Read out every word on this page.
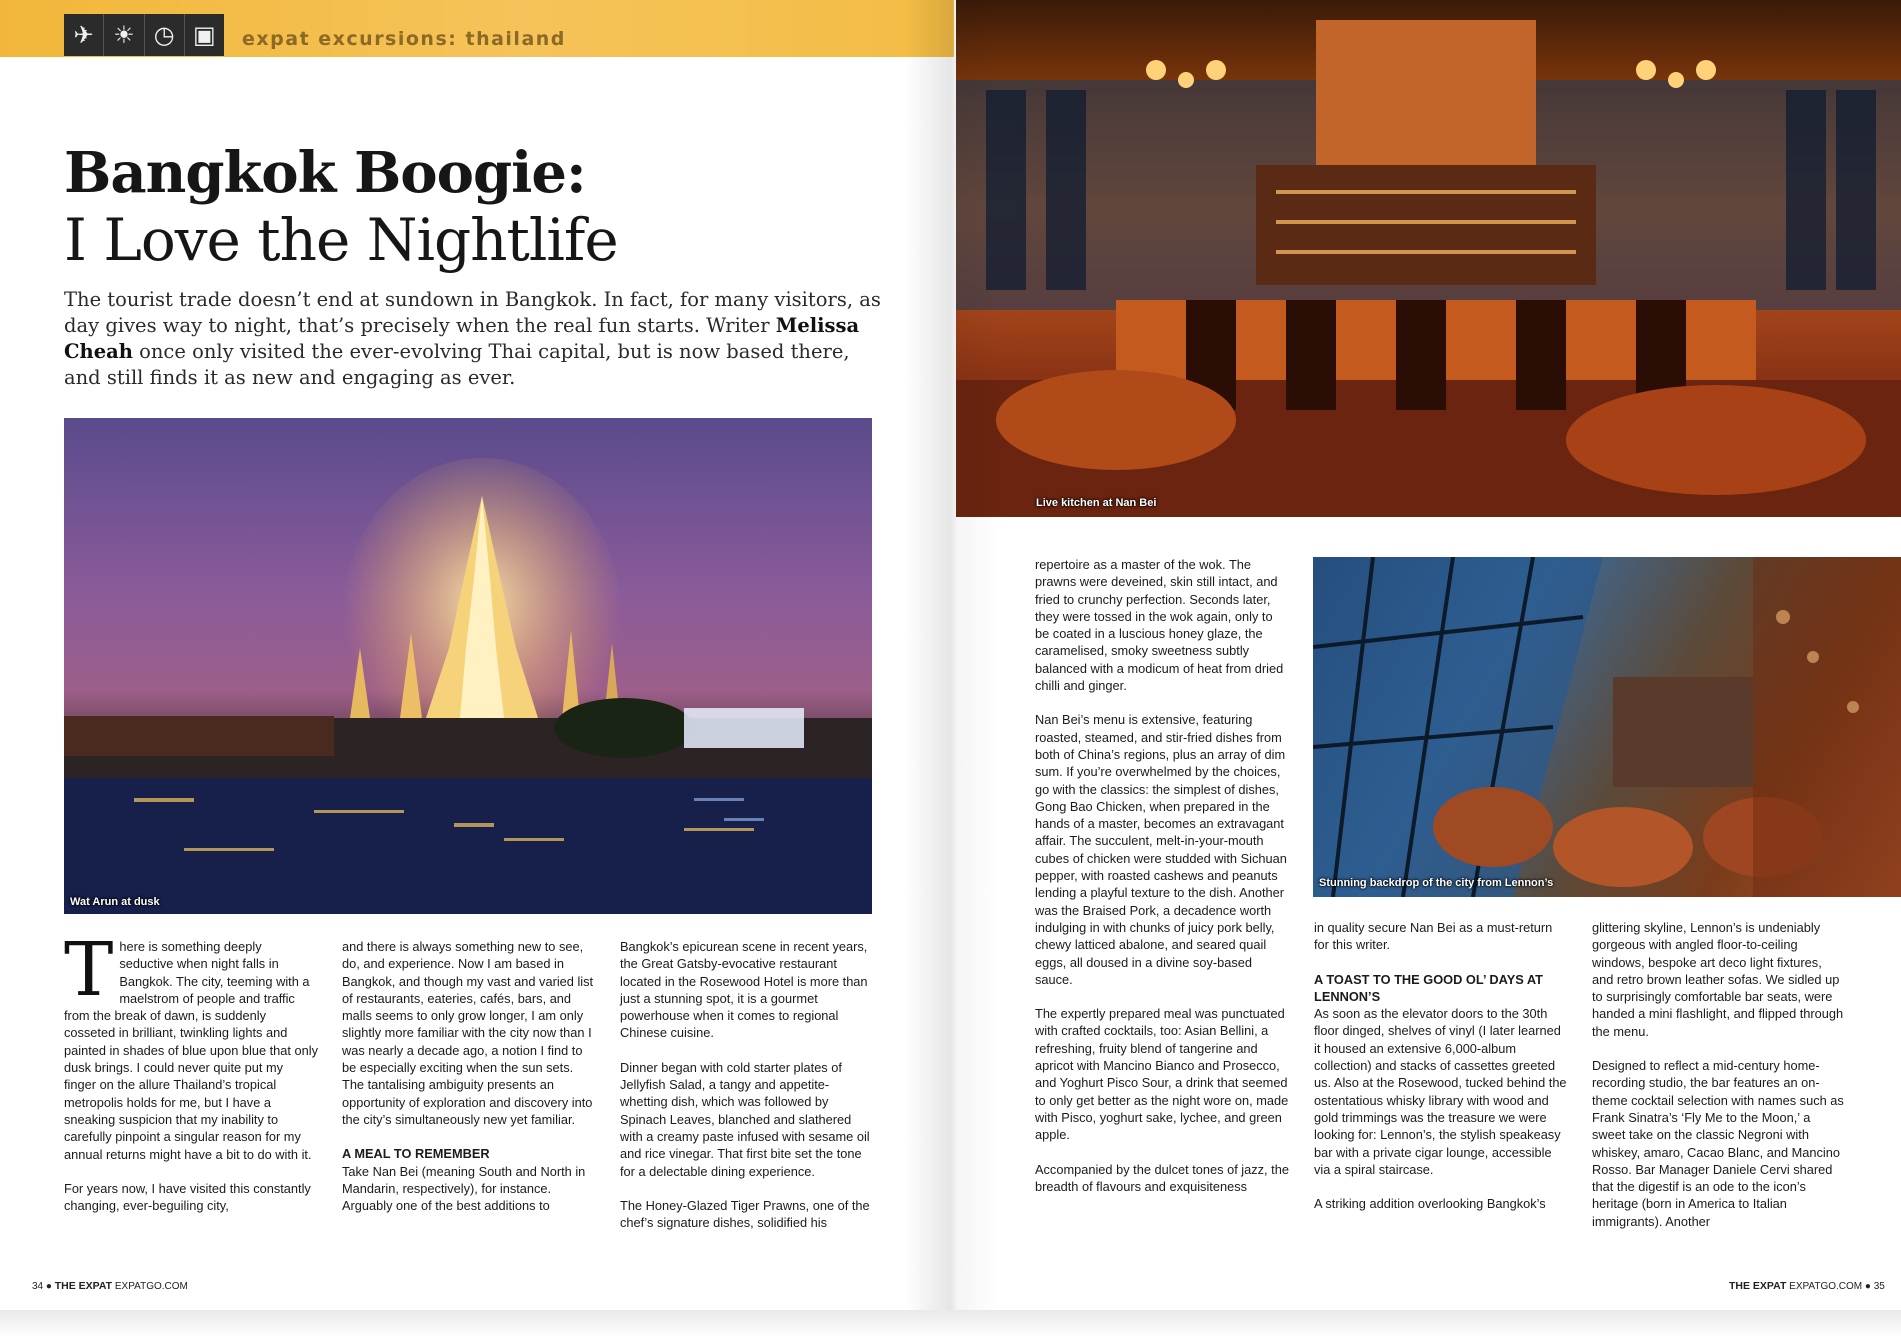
✈ ☀ ◷ ▣	expat excursions: thailand
Bangkok Boogie:
I Love the Nightlife
The tourist trade doesn’t end at sundown in Bangkok. In fact, for many visitors, as day gives way to night, that’s precisely when the real fun starts. Writer Melissa Cheah once only visited the ever-evolving Thai capital, but is now based there, and still finds it as new and engaging as ever.
Wat Arun at dusk

There is something deeply seductive when night falls in Bangkok. The city, teeming with a maelstrom of people and traffic from the break of dawn, is suddenly cosseted in brilliant, twinkling lights and painted in shades of blue upon blue that only dusk brings. I could never quite put my finger on the allure Thailand’s tropical metropolis holds for me, but I have a sneaking suspicion that my inability to carefully pinpoint a singular reason for my annual returns might have a bit to do with it.

For years now, I have visited this constantly changing, ever-beguiling city,

and there is always something new to see, do, and experience. Now I am based in Bangkok, and though my vast and varied list of restaurants, eateries, cafés, bars, and malls seems to only grow longer, I am only slightly more familiar with the city now than I was nearly a decade ago, a notion I find to be especially exciting when the sun sets. The tantalising ambiguity presents an opportunity of exploration and discovery into the city’s simultaneously new yet familiar.

A MEAL TO REMEMBER

Take Nan Bei (meaning South and North in Mandarin, respectively), for instance. Arguably one of the best additions to

Bangkok’s epicurean scene in recent years, the Great Gatsby-evocative restaurant located in the Rosewood Hotel is more than just a stunning spot, it is a gourmet powerhouse when it comes to regional Chinese cuisine.

Dinner began with cold starter plates of Jellyfish Salad, a tangy and appetite-whetting dish, which was followed by Spinach Leaves, blanched and slathered with a creamy paste infused with sesame oil and rice vinegar. That first bite set the tone for a delectable dining experience.

The Honey-Glazed Tiger Prawns, one of the chef’s signature dishes, solidified his

34 ● THE EXPAT EXPATGO.COM

repertoire as a master of the wok. The prawns were deveined, skin still intact, and fried to crunchy perfection. Seconds later, they were tossed in the wok again, only to be coated in a luscious honey glaze, the caramelised, smoky sweetness subtly balanced with a modicum of heat from dried chilli and ginger.

Nan Bei’s menu is extensive, featuring roasted, steamed, and stir-fried dishes from both of China’s regions, plus an array of dim sum. If you’re overwhelmed by the choices, go with the classics: the simplest of dishes, Gong Bao Chicken, when prepared in the hands of a master, becomes an extravagant affair. The succulent, melt-in-your-mouth cubes of chicken were studded with Sichuan pepper, with roasted cashews and peanuts lending a playful texture to the dish. Another was the Braised Pork, a decadence worth indulging in with chunks of juicy pork belly, chewy latticed abalone, and seared quail eggs, all doused in a divine soy-based sauce.

The expertly prepared meal was punctuated with crafted cocktails, too: Asian Bellini, a refreshing, fruity blend of tangerine and apricot with Mancino Bianco and Prosecco, and Yoghurt Pisco Sour, a drink that seemed to only get better as the night wore on, made with Pisco, yoghurt sake, lychee, and green apple.

Accompanied by the dulcet tones of jazz, the breadth of flavours and exquisiteness

in quality secure Nan Bei as a must-return for this writer.

A TOAST TO THE GOOD OL’ DAYS AT LENNON’S

As soon as the elevator doors to the 30th floor dinged, shelves of vinyl (I later learned it housed an extensive 6,000-album collection) and stacks of cassettes greeted us. Also at the Rosewood, tucked behind the ostentatious whisky library with wood and gold trimmings was the treasure we were looking for: Lennon’s, the stylish speakeasy bar with a private cigar lounge, accessible via a spiral staircase.

A striking addition overlooking Bangkok’s

glittering skyline, Lennon’s is undeniably gorgeous with angled floor-to-ceiling windows, bespoke art deco light fixtures, and retro brown leather sofas. We sidled up to surprisingly comfortable bar seats, were handed a mini flashlight, and flipped through the menu.

Designed to reflect a mid-century home-recording studio, the bar features an on-theme cocktail selection with names such as Frank Sinatra’s ‘Fly Me to the Moon,’ a sweet take on the classic Negroni with whiskey, amaro, Cacao Blanc, and Mancino Rosso. Bar Manager Daniele Cervi shared that the digestif is an ode to the icon’s heritage (born in America to Italian immigrants). Another

THE EXPAT EXPATGO.COM ● 35
Live kitchen at Nan Bei
Stunning backdrop of the city from Lennon’s
